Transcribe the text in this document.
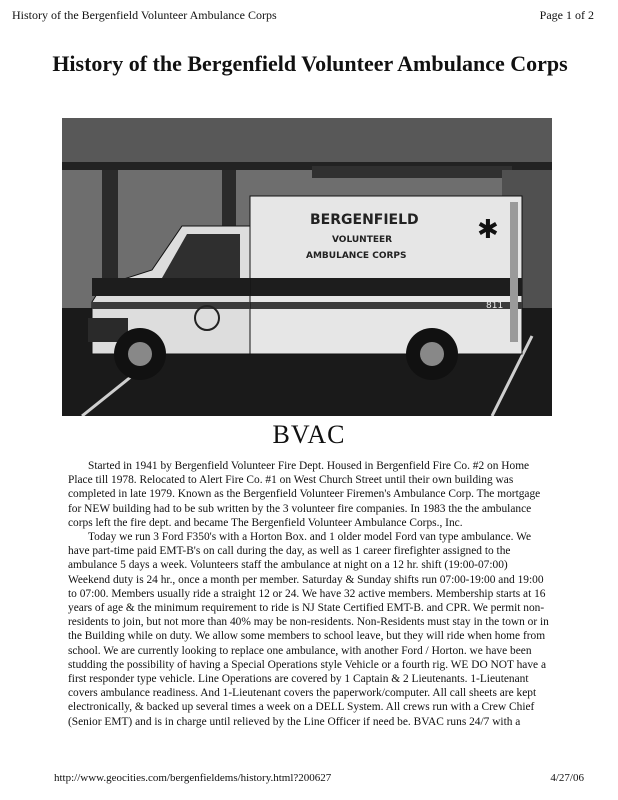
History of the Bergenfield Volunteer Ambulance Corps	Page 1 of 2
History of the Bergenfield Volunteer Ambulance Corps
✱
BERGENFIELD
VOLUNTEER
AMBULANCE CORPS
811
BVAC

Started in 1941 by Bergenfield Volunteer Fire Dept. Housed in Bergenfield Fire Co. #2 on Home Place till 1978. Relocated to Alert Fire Co. #1 on West Church Street until their own building was completed in late 1979. Known as the Bergenfield Volunteer Firemen's Ambulance Corp. The mortgage for NEW building had to be sub written by the 3 volunteer fire companies. In 1983 the the ambulance corps left the fire dept. and became The Bergenfield Volunteer Ambulance Corps., Inc.

Today we run 3 Ford F350's with a Horton Box. and 1 older model Ford van type ambulance. We have part-time paid EMT-B's on call during the day, as well as 1 career firefighter assigned to the ambulance 5 days a week. Volunteers staff the ambulance at night on a 12 hr. shift (19:00-07:00) Weekend duty is 24 hr., once a month per member. Saturday & Sunday shifts run 07:00-19:00 and 19:00 to 07:00. Members usually ride a straight 12 or 24. We have 32 active members. Membership starts at 16 years of age & the minimum requirement to ride is NJ State Certified EMT-B. and CPR. We permit non-residents to join, but not more than 40% may be non-residents. Non-Residents must stay in the town or in the Building while on duty. We allow some members to school leave, but they will ride when home from school. We are currently looking to replace one ambulance, with another Ford / Horton. we have been studding the possibility of having a Special Operations style Vehicle or a fourth rig. WE DO NOT have a first responder type vehicle. Line Operations are covered by 1 Captain & 2 Lieutenants. 1-Lieutenant covers ambulance readiness. And 1-Lieutenant covers the paperwork/computer. All call sheets are kept electronically, & backed up several times a week on a DELL System. All crews run with a Crew Chief (Senior EMT) and is in charge until relieved by the Line Officer if need be. BVAC runs 24/7 with a

http://www.geocities.com/bergenfieldems/history.html?200627	4/27/06
